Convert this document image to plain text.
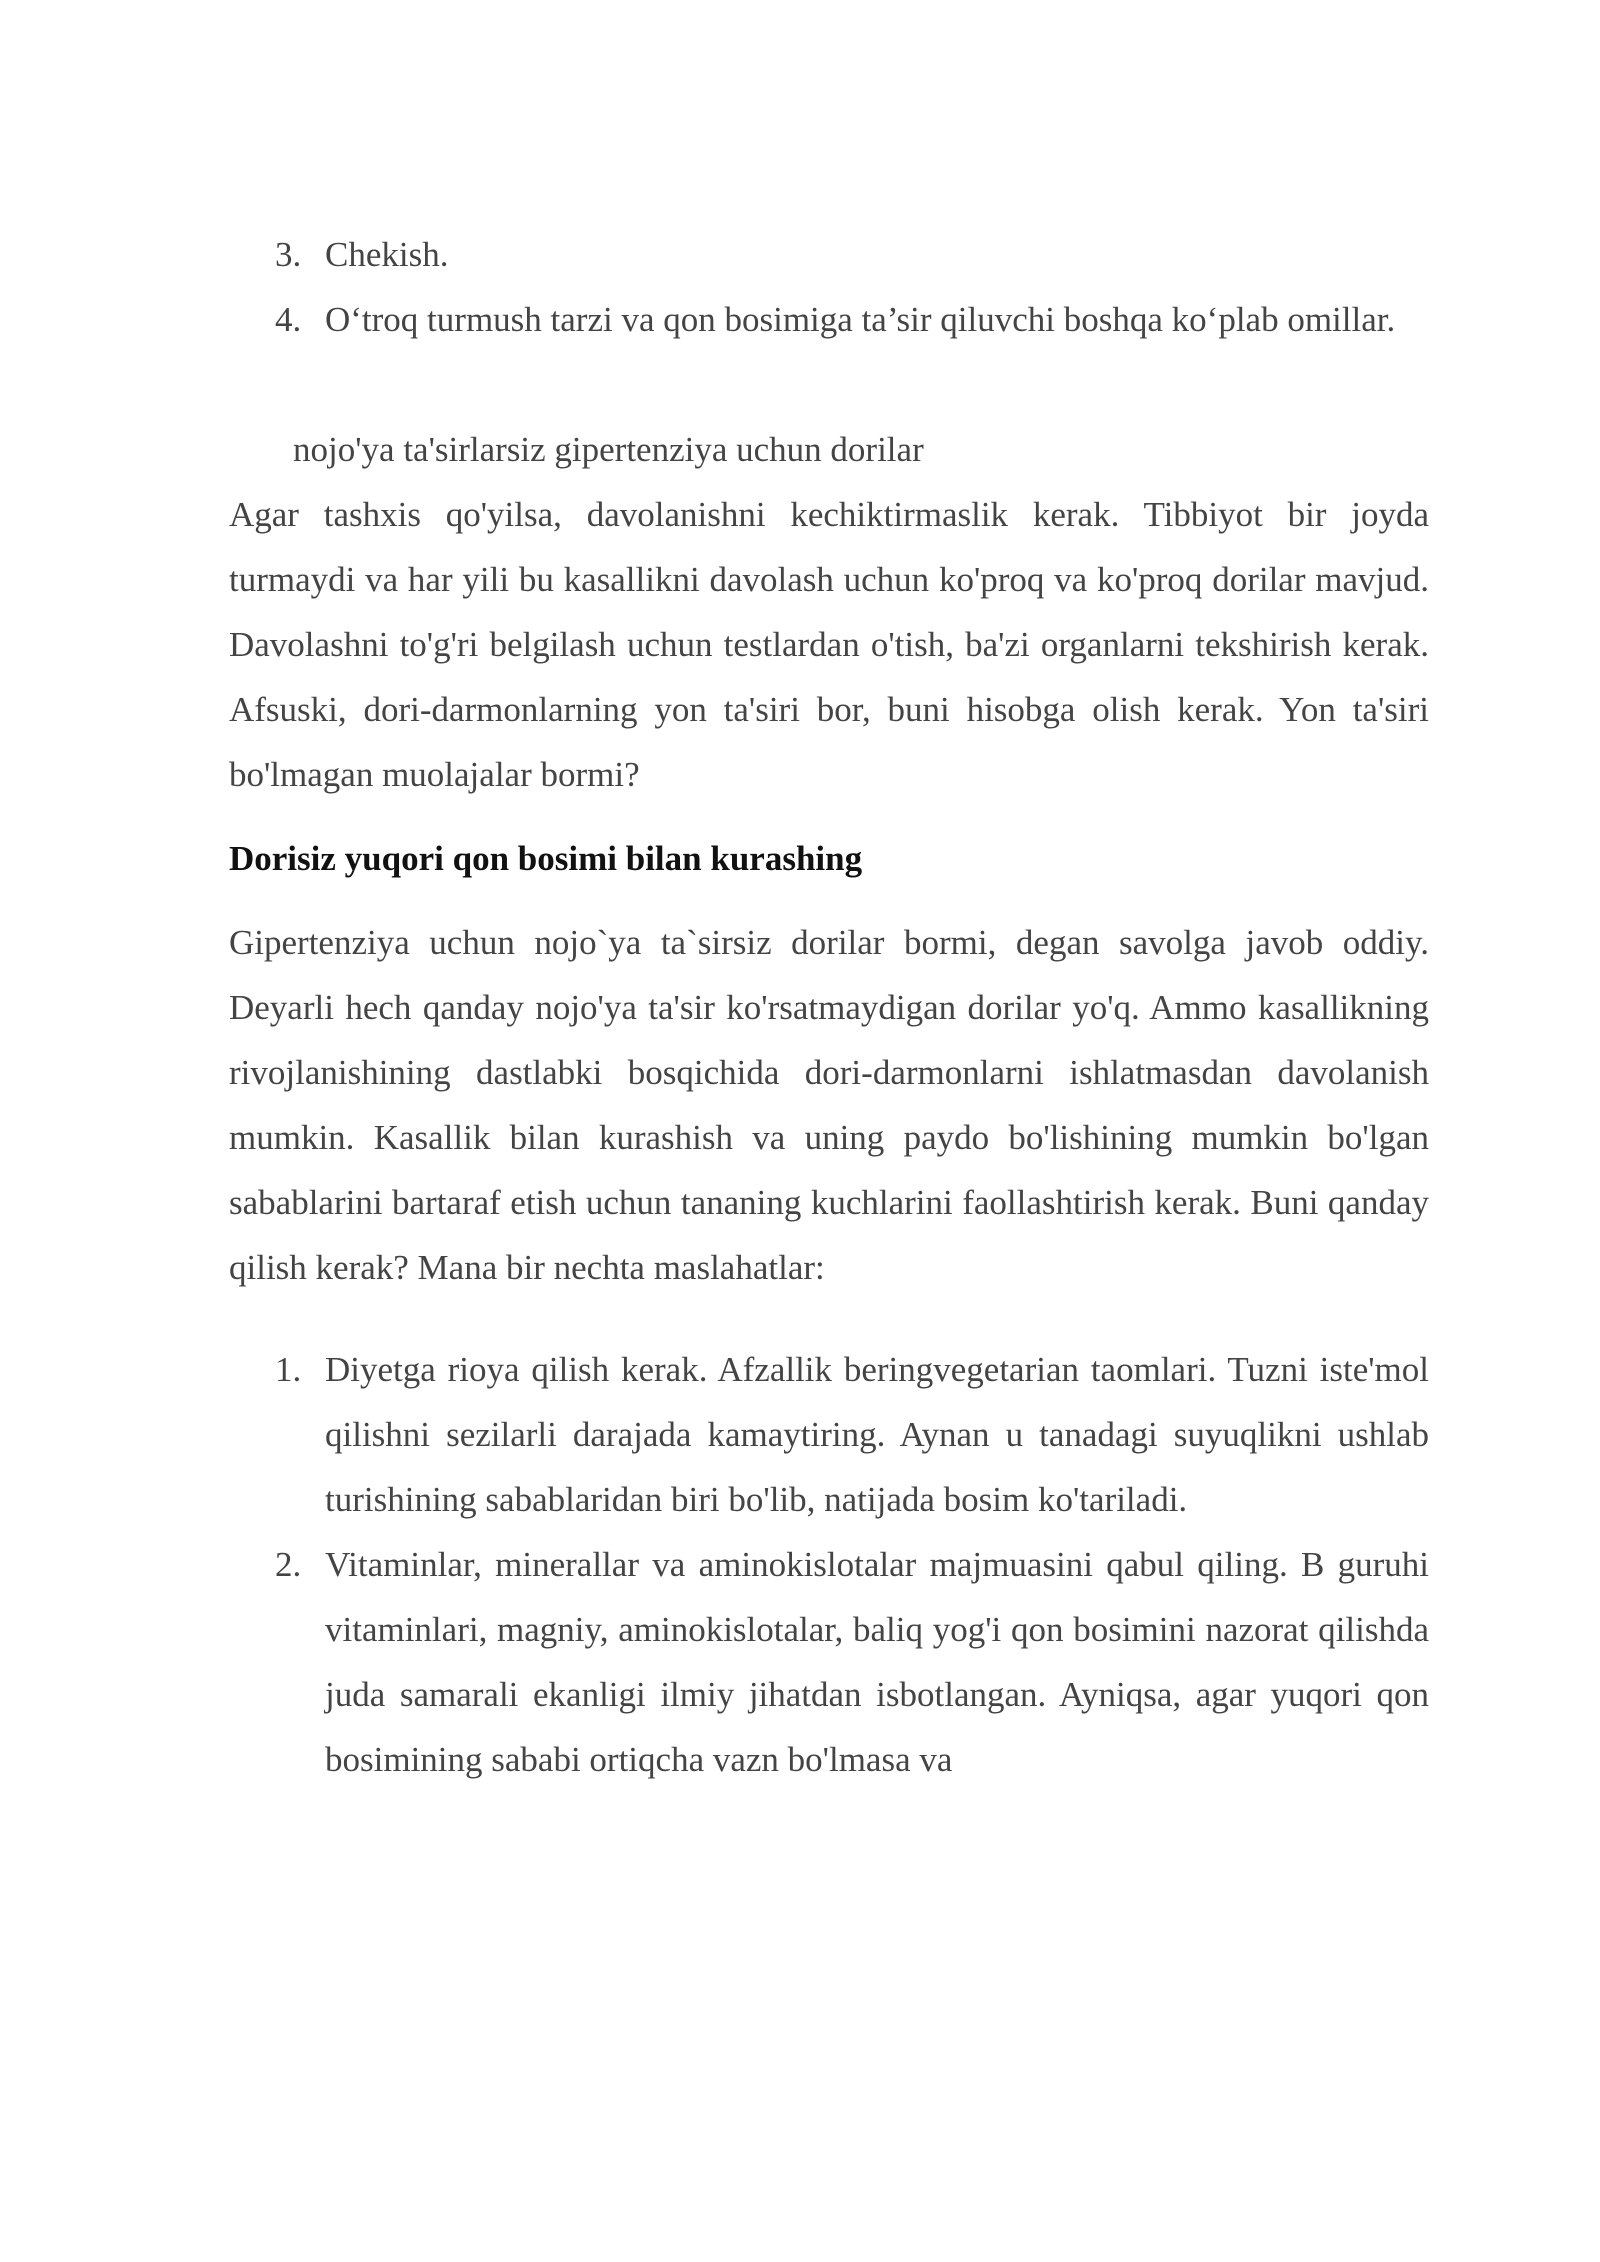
3. Chekish.
4. O‘troq turmush tarzi va qon bosimiga ta’sir qiluvchi boshqa ko‘plab omillar.

nojo'ya ta'sirlarsiz gipertenziya uchun dorilar

Agar tashxis qo'yilsa, davolanishni kechiktirmaslik kerak. Tibbiyot bir joyda turmaydi va har yili bu kasallikni davolash uchun ko'proq va ko'proq dorilar mavjud. Davolashni to'g'ri belgilash uchun testlardan o'tish, ba'zi organlarni tekshirish kerak. Afsuski, dori-darmonlarning yon ta'siri bor, buni hisobga olish kerak. Yon ta'siri bo'lmagan muolajalar bormi?

Dorisiz yuqori qon bosimi bilan kurashing

Gipertenziya uchun nojo`ya ta`sirsiz dorilar bormi, degan savolga javob oddiy. Deyarli hech qanday nojo'ya ta'sir ko'rsatmaydigan dorilar yo'q. Ammo kasallikning rivojlanishining dastlabki bosqichida dori-darmonlarni ishlatmasdan davolanish mumkin. Kasallik bilan kurashish va uning paydo bo'lishining mumkin bo'lgan sabablarini bartaraf etish uchun tananing kuchlarini faollashtirish kerak. Buni qanday qilish kerak? Mana bir nechta maslahatlar:

1. Diyetga rioya qilish kerak. Afzallik beringvegetarian taomlari. Tuzni iste'mol qilishni sezilarli darajada kamaytiring. Aynan u tanadagi suyuqlikni ushlab turishining sabablaridan biri bo'lib, natijada bosim ko'tariladi.
2. Vitaminlar, minerallar va aminokislotalar majmuasini qabul qiling. B guruhi vitaminlari, magniy, aminokislotalar, baliq yog'i qon bosimini nazorat qilishda juda samarali ekanligi ilmiy jihatdan isbotlangan. Ayniqsa, agar yuqori qon bosimining sababi ortiqcha vazn bo'lmasa va
